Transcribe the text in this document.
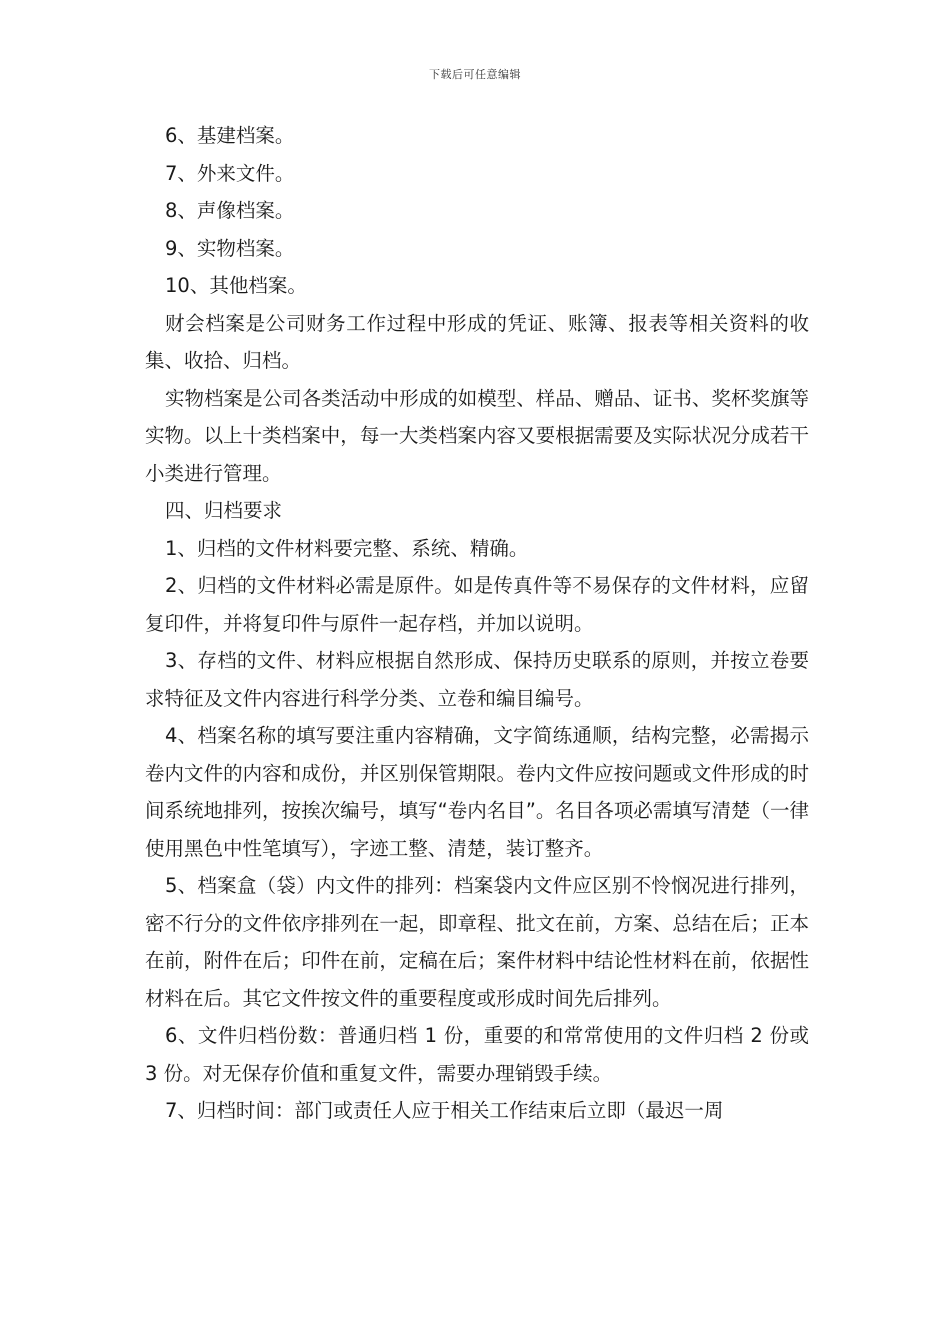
下载后可任意编辑

6、基建档案。

7、外来文件。

8、声像档案。

9、实物档案。

10、其他档案。

财会档案是公司财务工作过程中形成的凭证、账簿、报表等相关资料的收集、收拾、归档。

实物档案是公司各类活动中形成的如模型、样品、赠品、证书、奖杯奖旗等实物。以上十类档案中，每一大类档案内容又要根据需要及实际状况分成若干小类进行管理。

四、归档要求

1、归档的文件材料要完整、系统、精确。

2、归档的文件材料必需是原件。如是传真件等不易保存的文件材料，应留复印件，并将复印件与原件一起存档，并加以说明。

3、存档的文件、材料应根据自然形成、保持历史联系的原则，并按立卷要求特征及文件内容进行科学分类、立卷和编目编号。

4、档案名称的填写要注重内容精确，文字简练通顺，结构完整，必需揭示卷内文件的内容和成份，并区别保管期限。卷内文件应按问题或文件形成的时间系统地排列，按挨次编号，填写“卷内名目”。名目各项必需填写清楚（一律使用黑色中性笔填写），字迹工整、清楚，装订整齐。

5、档案盒（袋）内文件的排列：档案袋内文件应区别不怜悯况进行排列，密不行分的文件依序排列在一起，即章程、批文在前，方案、总结在后；正本在前，附件在后；印件在前，定稿在后；案件材料中结论性材料在前，依据性材料在后。其它文件按文件的重要程度或形成时间先后排列。

6、文件归档份数：普通归档 1 份，重要的和常常使用的文件归档 2 份或 3 份。对无保存价值和重复文件，需要办理销毁手续。

7、归档时间：部门或责任人应于相关工作结束后立即（最迟一周
